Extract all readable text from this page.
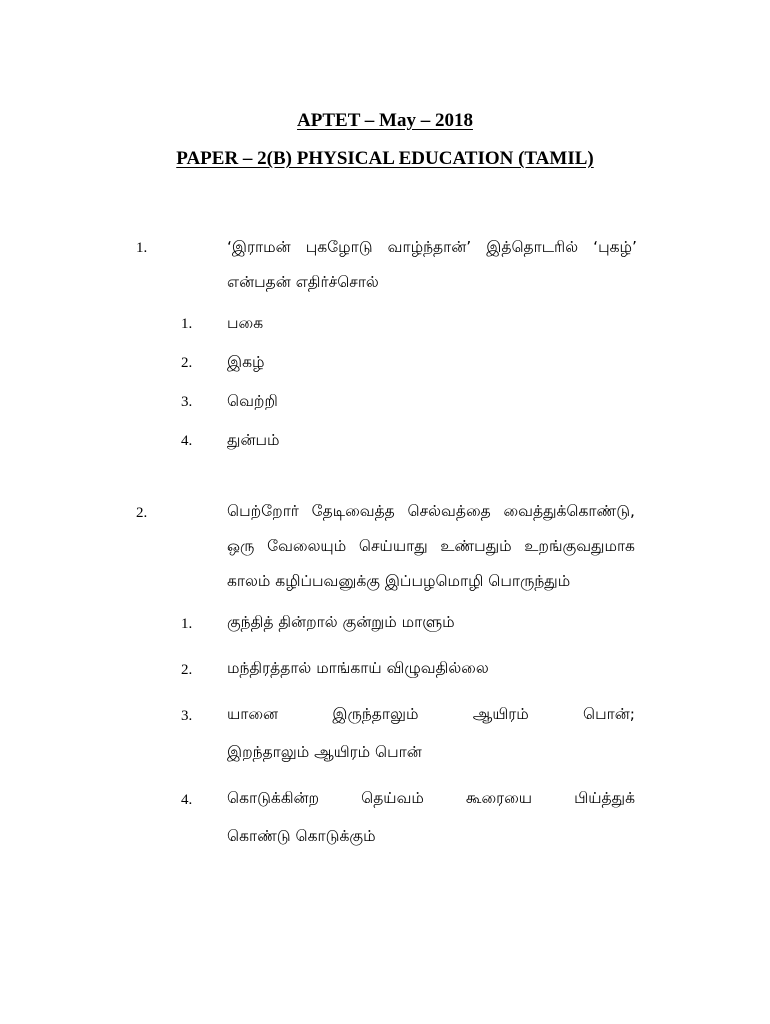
APTET – May – 2018
PAPER – 2(B) PHYSICAL EDUCATION (TAMIL)
1.	‘இராமன் புகழோடு வாழ்ந்தான்’ இத்தொடரில் ‘புகழ்’
என்பதன் எதிர்ச்சொல்
1. பகை
2. இகழ்
3. வெற்றி
4. துன்பம்
2.	பெற்றோர் தேடிவைத்த செல்வத்தை வைத்துக்கொண்டு,
ஒரு வேலையும் செய்யாது உண்பதும் உறங்குவதுமாக
காலம் கழிப்பவனுக்கு இப்பழமொழி பொருந்தும்
1. குந்தித் தின்றால் குன்றும் மாளும்
2. மந்திரத்தால் மாங்காய் விழுவதில்லை
3. யானை	இருந்தாலும்	ஆயிரம்	பொன்;
இறந்தாலும் ஆயிரம் பொன்
4. கொடுக்கின்ற	தெய்வம்	கூரையை	பிய்த்துக்
கொண்டு கொடுக்கும்
